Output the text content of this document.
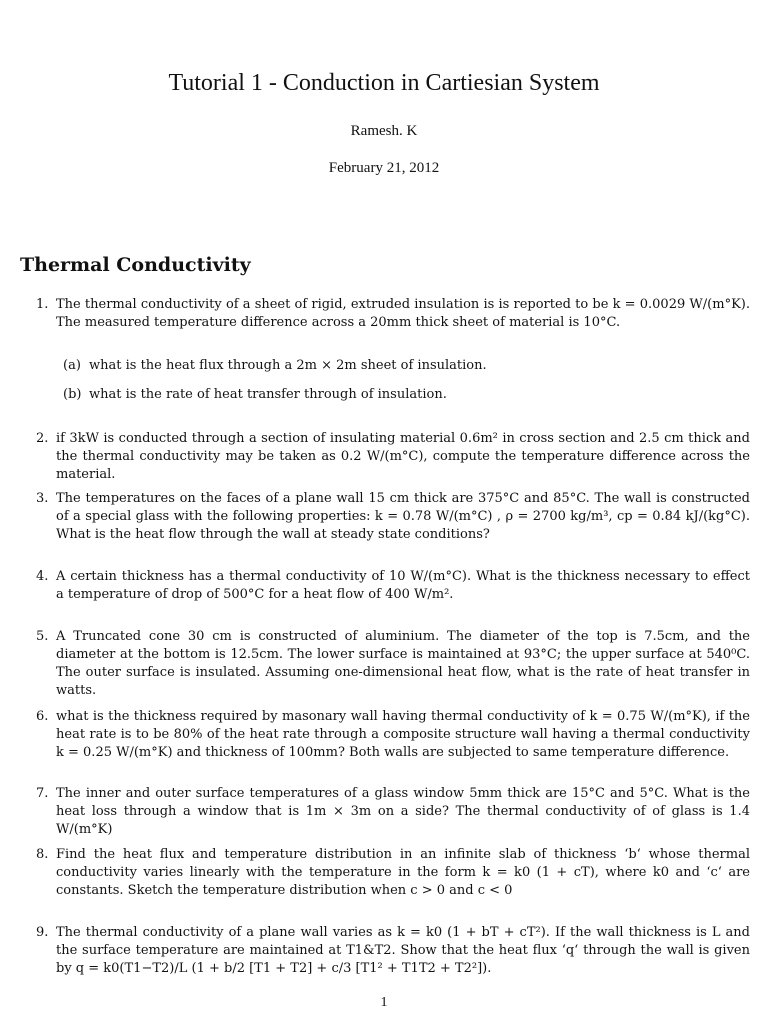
Tutorial 1 - Conduction in Cartiesian System
Ramesh. K
February 21, 2012
Thermal Conductivity
1. The thermal conductivity of a sheet of rigid, extruded insulation is is reported to be k = 0.0029 W/(m°K). The measured temperature difference across a 20mm thick sheet of material is 10°C.
(a) what is the heat flux through a 2m × 2m sheet of insulation.
(b) what is the rate of heat transfer through of insulation.
2. if 3kW is conducted through a section of insulating material 0.6m² in cross section and 2.5 cm thick and the thermal conductivity may be taken as 0.2 W/(m°C), compute the temperature difference across the material.
3. The temperatures on the faces of a plane wall 15 cm thick are 375°C and 85°C. The wall is constructed of a special glass with the following properties: k = 0.78 W/(m°C) , ρ = 2700 kg/m³, cp = 0.84 kJ/(kg°C). What is the heat flow through the wall at steady state conditions?
4. A certain thickness has a thermal conductivity of 10 W/(m°C). What is the thickness necessary to effect a temperature of drop of 500°C for a heat flow of 400 W/m².
5. A Truncated cone 30 cm is constructed of aluminium. The diameter of the top is 7.5cm, and the diameter at the bottom is 12.5cm. The lower surface is maintained at 93°C; the upper surface at 540⁰C. The outer surface is insulated. Assuming one-dimensional heat flow, what is the rate of heat transfer in watts.
6. what is the thickness required by masonary wall having thermal conductivity of k = 0.75 W/(m°K), if the heat rate is to be 80% of the heat rate through a composite structure wall having a thermal conductivity k = 0.25 W/(m°K) and thickness of 100mm? Both walls are subjected to same temperature difference.
7. The inner and outer surface temperatures of a glass window 5mm thick are 15°C and 5°C. What is the heat loss through a window that is 1m × 3m on a side? The thermal conductivity of of glass is 1.4 W/(m°K)
8. Find the heat flux and temperature distribution in an infinite slab of thickness ‘b‘ whose thermal conductivity varies linearly with the temperature in the form k = k0 (1 + cT), where k0 and ‘c‘ are constants. Sketch the temperature distribution when c > 0 and c < 0
9. The thermal conductivity of a plane wall varies as k = k0 (1 + bT + cT²). If the wall thickness is L and the surface temperature are maintained at T1&T2. Show that the heat flux ‘q‘ through the wall is given by q = k0(T1−T2)/L (1 + b/2 [T1 + T2] + c/3 [T1² + T1T2 + T2²]).
1
